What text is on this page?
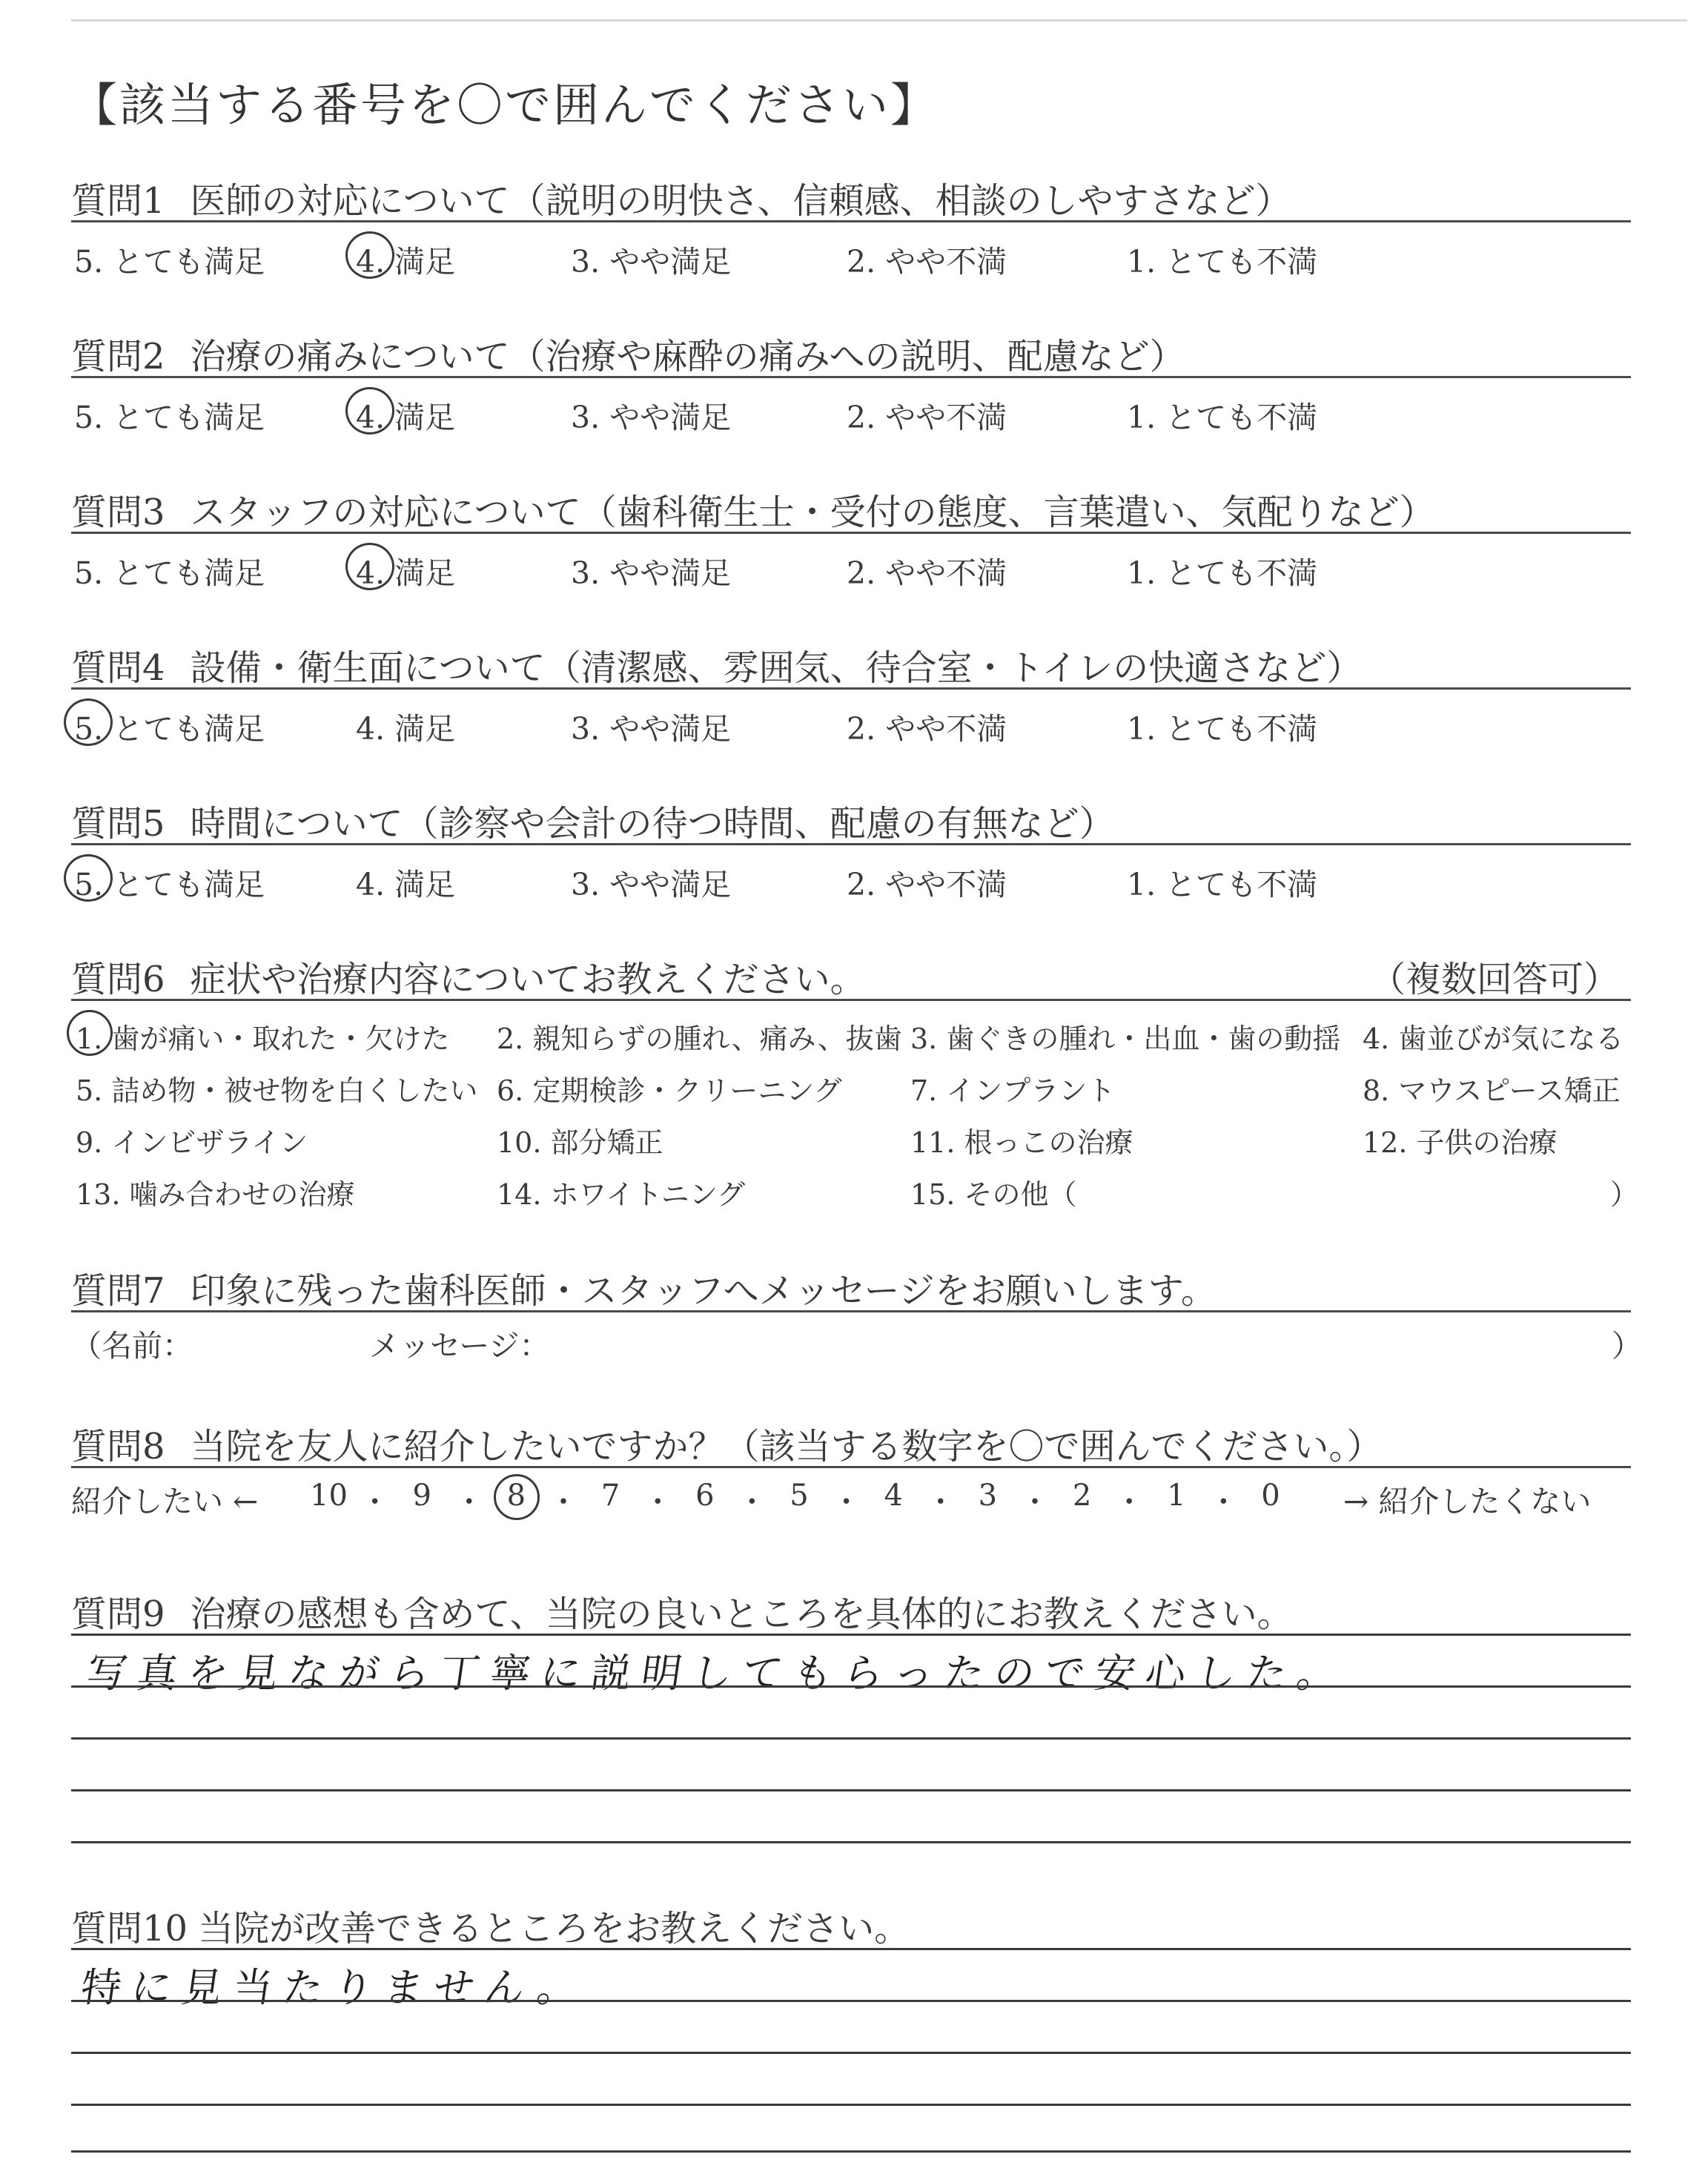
【該当する番号を〇で囲んでください】
質問1 医師の対応について（説明の明快さ、信頼感、相談のしやすさなど）
5. とても満足	4. 満足	3. やや満足	2. やや不満	1. とても不満
質問2 治療の痛みについて（治療や麻酔の痛みへの説明、配慮など）
5. とても満足	4. 満足	3. やや満足	2. やや不満	1. とても不満
質問3 スタッフの対応について（歯科衛生士・受付の態度、言葉遣い、気配りなど）
5. とても満足	4. 満足	3. やや満足	2. やや不満	1. とても不満
質問4 設備・衛生面について（清潔感、雰囲気、待合室・トイレの快適さなど）
5. とても満足	4. 満足	3. やや満足	2. やや不満	1. とても不満
質問5 時間について（診察や会計の待つ時間、配慮の有無など）
5. とても満足	4. 満足	3. やや満足	2. やや不満	1. とても不満
質問6 症状や治療内容についてお教えください。	（複数回答可）
1. 歯が痛い・取れた・欠けた 2. 親知らずの腫れ、痛み、抜歯 3. 歯ぐきの腫れ・出血・歯の動揺 4. 歯並びが気になる
5. 詰め物・被せ物を白くしたい 6. 定期検診・クリーニング 7. インプラント	8. マウスピース矯正
9. インビザライン	10. 部分矯正	11. 根っこの治療	12. 子供の治療
13. 噛み合わせの治療	14. ホワイトニング	15. その他（	）
質問7 印象に残った歯科医師・スタッフへメッセージをお願いします。
（名前：	メッセージ：	）
質問8 当院を友人に紹介したいですか？（該当する数字を〇で囲んでください。）
紹介したい ←	→ 紹介したくない
10 ・ 9 ・ 8 ・ 7 ・ 6 ・ 5 ・ 4 ・ 3 ・ 2 ・ 1 ・ 0
質問9 治療の感想も含めて、当院の良いところを具体的にお教えください。
写真を見ながら丁寧に説明してもらったので安心した。
質問10 当院が改善できるところをお教えください。
特に見当たりません。
